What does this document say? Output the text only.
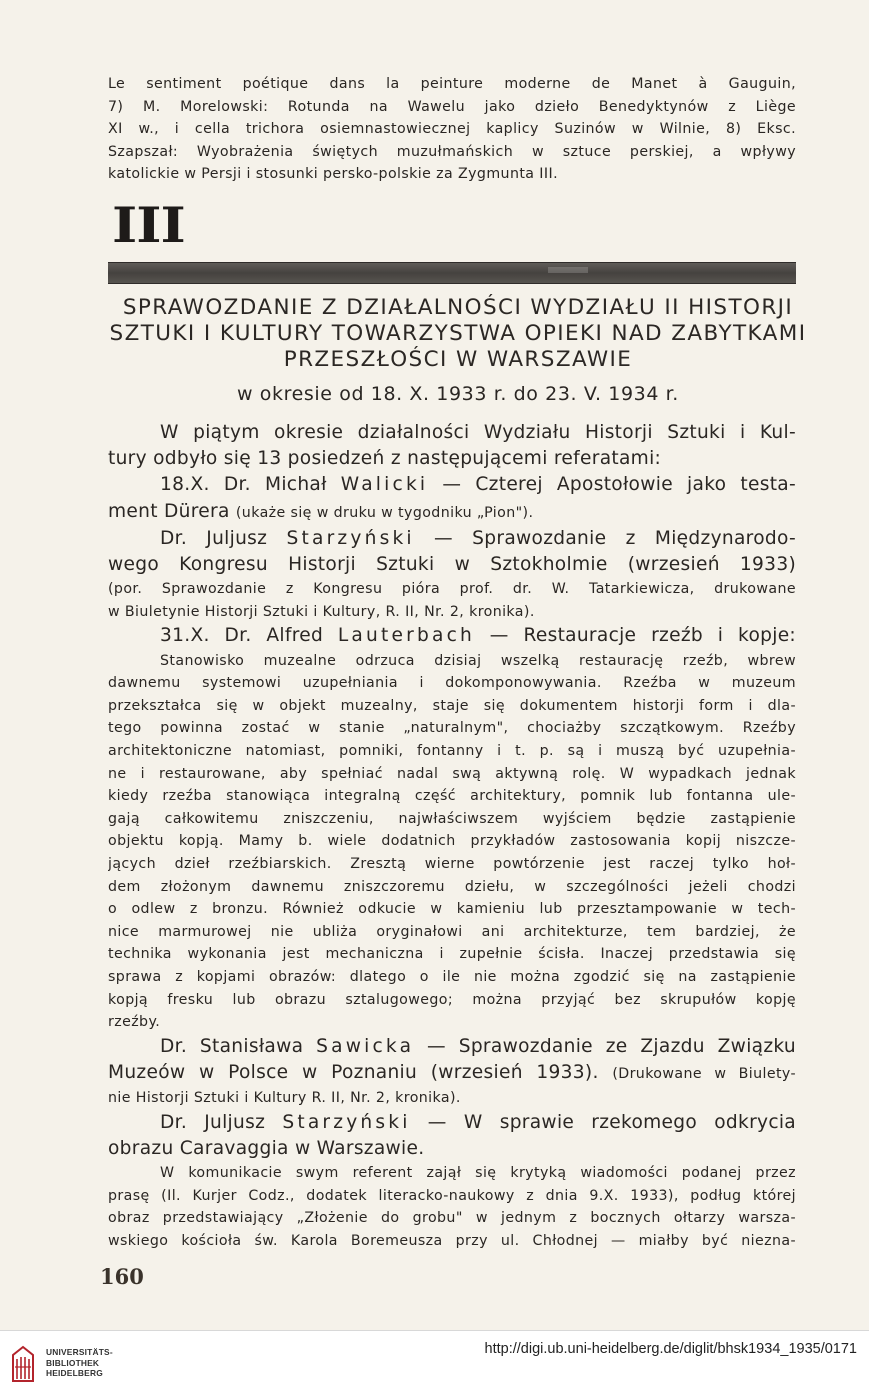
Le sentiment poétique dans la peinture moderne de Manet à Gauguin,
7) M. Morelowski: Rotunda na Wawelu jako dzieło Benedyktynów z Liège
XI w., i cella trichora osiemnastowiecznej kaplicy Suzinów w Wilnie, 8) Eksc.
Szapszał: Wyobrażenia świętych muzułmańskich w sztuce perskiej, a wpływy
katolickie w Persji i stosunki persko-polskie za Zygmunta III.
III
SPRAWOZDANIE Z DZIAŁALNOŚCI WYDZIAŁU II HISTORJI
SZTUKI I KULTURY TOWARZYSTWA OPIEKI NAD ZABYTKAMI
PRZESZŁOŚCI W WARSZAWIE
w okresie od 18. X. 1933 r. do 23. V. 1934 r.
W piątym okresie działalności Wydziału Historji Sztuki i Kul-
tury odbyło się 13 posiedzeń z następującemi referatami:
18.X. Dr. Michał Walicki — Czterej Apostołowie jako testa-
ment Dürera (ukaże się w druku w tygodniku „Pion").
Dr. Juljusz Starzyński — Sprawozdanie z Międzynarodo-
wego Kongresu Historji Sztuki w Sztokholmie (wrzesień 1933)
(por. Sprawozdanie z Kongresu pióra prof. dr. W. Tatarkiewicza, drukowane
w Biuletynie Historji Sztuki i Kultury, R. II, Nr. 2, kronika).
31.X. Dr. Alfred Lauterbach — Restauracje rzeźb i kopje:
Stanowisko muzealne odrzuca dzisiaj wszelką restaurację rzeźb, wbrew
dawnemu systemowi uzupełniania i dokomponowywania. Rzeźba w muzeum
przekształca się w objekt muzealny, staje się dokumentem historji form i dla-
tego powinna zostać w stanie „naturalnym", chociażby szczątkowym. Rzeźby
architektoniczne natomiast, pomniki, fontanny i t. p. są i muszą być uzupełnia-
ne i restaurowane, aby spełniać nadal swą aktywną rolę. W wypadkach jednak
kiedy rzeźba stanowiąca integralną część architektury, pomnik lub fontanna ule-
gają całkowitemu zniszczeniu, najwłaściwszem wyjściem będzie zastąpienie
objektu kopją. Mamy b. wiele dodatnich przykładów zastosowania kopij niszcze-
jących dzieł rzeźbiarskich. Zresztą wierne powtórzenie jest raczej tylko hoł-
dem złożonym dawnemu zniszczoremu dziełu, w szczególności jeżeli chodzi
o odlew z bronzu. Również odkucie w kamieniu lub przesztampowanie w tech-
nice marmurowej nie ubliża oryginałowi ani architekturze, tem bardziej, że
technika wykonania jest mechaniczna i zupełnie ścisła. Inaczej przedstawia się
sprawa z kopjami obrazów: dlatego o ile nie można zgodzić się na zastąpienie
kopją fresku lub obrazu sztalugowego; można przyjąć bez skrupułów kopję
rzeźby.
Dr. Stanisława Sawicka — Sprawozdanie ze Zjazdu Związku
Muzeów w Polsce w Poznaniu (wrzesień 1933). (Drukowane w Biulety-
nie Historji Sztuki i Kultury R. II, Nr. 2, kronika).
Dr. Juljusz Starzyński — W sprawie rzekomego odkrycia
obrazu Caravaggia w Warszawie.
W komunikacie swym referent zajął się krytyką wiadomości podanej przez
prasę (Il. Kurjer Codz., dodatek literacko-naukowy z dnia 9.X. 1933), podług której
obraz przedstawiający „Złożenie do grobu" w jednym z bocznych ołtarzy warsza-
wskiego kościoła św. Karola Boremeusza przy ul. Chłodnej — miałby być niezna-
160
UNIVERSITÄTS-
BIBLIOTHEK
HEIDELBERG
http://digi.ub.uni-heidelberg.de/diglit/bhsk1934_1935/0171
